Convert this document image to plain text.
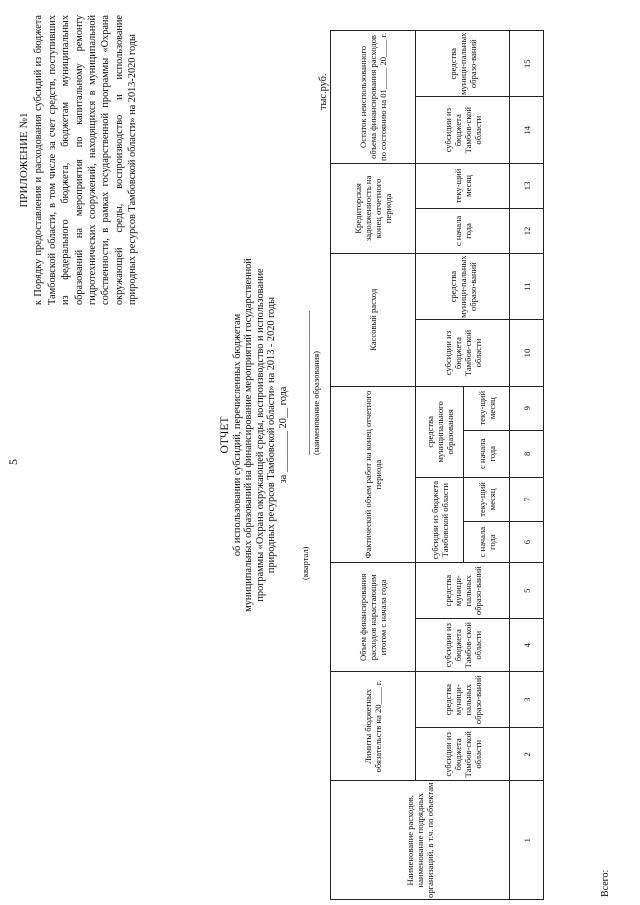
5
ПРИЛОЖЕНИЕ №1 к Порядку предоставления и расходования субсидий из бюджета Тамбовской области, в том числе за счет средств, поступивших из федерального бюджета, бюджетам муниципальных образований на мероприятия по капитальному ремонту гидротехнических сооружений, находящихся в муниципальной собственности, в рамках государственной программы «Охрана окружающей среды, воспроизводство и использование природных ресурсов Тамбовской области» на 2013-2020 годы
ОТЧЕТ об использовании субсидий, перечисленных бюджетам муниципальных образований на финансирование мероприятий государственной программы «Охрана окружающей среды, воспроизводство и использование природных ресурсов Тамбовской области» на 2013 - 2020 годы за ________ 20__ года
(квартал)
____________________________ (наименование образования)
тыс.руб.
Наименование расходов, наименование подрядных организаций, в т.ч. по объектам	Лимиты бюджетных обязательств на 20____ г.		Объем финансирования расходов нарастающим итогом с начала года		Фактический объем работ на конец отчетного периода				Кассовый расход		Кредиторская задолженность на конец отчетного периода		Остаток неиспользованного объема финансирования расходов по состоянию на 01_____ 20____ г.	
	субсидии из бюджета Тамбов-ской области	средства муници-пальных образо-ваний	субсидии из бюджета Тамбов-ской области	средства муници-пальных образо-ваний	субсидии из бюджета Тамбовской области		средства муниципального образования		субсидии из бюджета Тамбов-ской области	средства муници-пальных образо-ваний	с начала года	теку-щий месяц	субсидии из бюджета Тамбов-ской области	средства муници-пальных образо-ваний
					с начала года	теку-щий месяц	с начала года	теку-щий месяц						
1	2	3	4	5	6	7	8	9	10	11	12	13	14	15
Всего:
